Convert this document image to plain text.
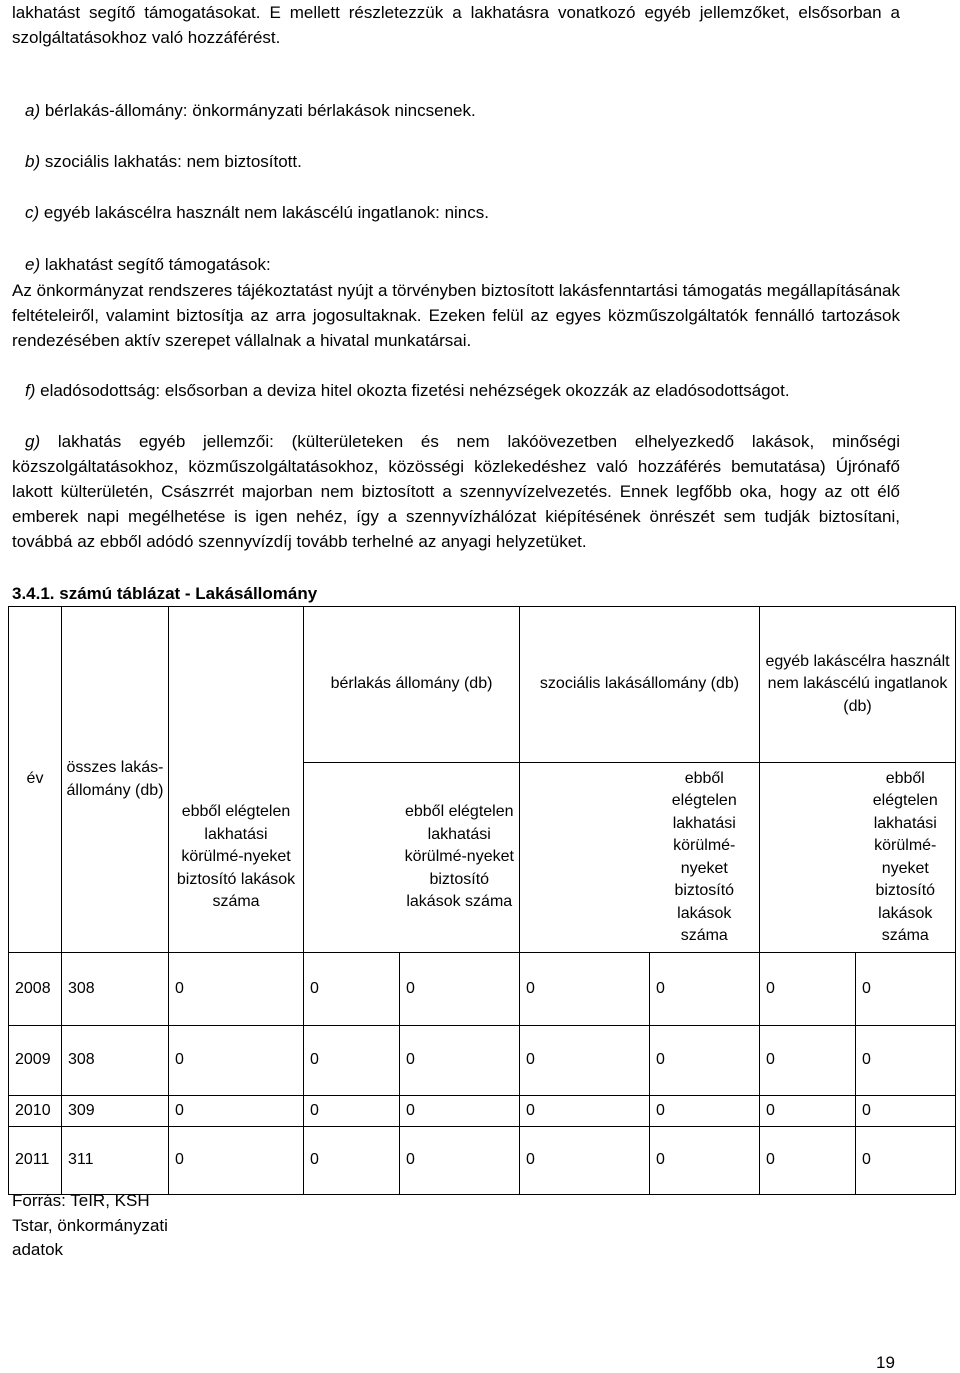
lakhatást segítő támogatásokat. E mellett részletezzük a lakhatásra vonatkozó egyéb jellemzőket, elsősorban a szolgáltatásokhoz való hozzáférést.
a) bérlakás-állomány: önkormányzati bérlakások nincsenek.
b) szociális lakhatás: nem biztosított.
c) egyéb lakáscélra használt nem lakáscélú ingatlanok: nincs.
e) lakhatást segítő támogatások:
Az önkormányzat rendszeres tájékoztatást nyújt a törvényben biztosított lakásfenntartási támogatás megállapításának feltételeiről, valamint biztosítja az arra jogosultaknak. Ezeken felül az egyes közműszolgáltatók fennálló tartozások rendezésében aktív szerepet vállalnak a hivatal munkatársai.
f) eladósodottság: elsősorban a deviza hitel okozta fizetési nehézségek okozzák az eladósodottságot.
g) lakhatás egyéb jellemzői: (külterületeken és nem lakóövezetben elhelyezkedő lakások, minőségi közszolgáltatásokhoz, közműszolgáltatásokhoz, közösségi közlekedéshez való hozzáférés bemutatása) Újrónafő lakott külterületén, Császrrét majorban nem biztosított a szennyvízelvezetés. Ennek legfőbb oka, hogy az ott élő emberek napi megélhetése is igen nehéz, így a szennyvízhálózat kiépítésének önrészét sem tudják biztosítani, továbbá az ebből adódó szennyvízdíj tovább terhelné az anyagi helyzetüket.
3.4.1. számú táblázat - Lakásállomány
év	összes lakás-állomány (db)		bérlakás állomány (db)		szociális lakásállomány (db)		egyéb lakáscélra használt nem lakáscélú ingatlanok (db)	
		ebből elégtelen lakhatási körülmé-nyeket biztosító lakások száma		ebből elégtelen lakhatási körülmé-nyeket biztosító lakások száma		ebből elégtelen lakhatási körülmé-nyeket biztosító lakások száma		ebből elégtelen lakhatási körülmé-nyeket biztosító lakások száma
2008	308	0	0	0	0	0	0	0
2009	308	0	0	0	0	0	0	0
2010	309	0	0	0	0	0	0	0
2011	311	0	0	0	0	0	0	0
Forrás: TeIR, KSH Tstar, önkormányzati adatok
19
